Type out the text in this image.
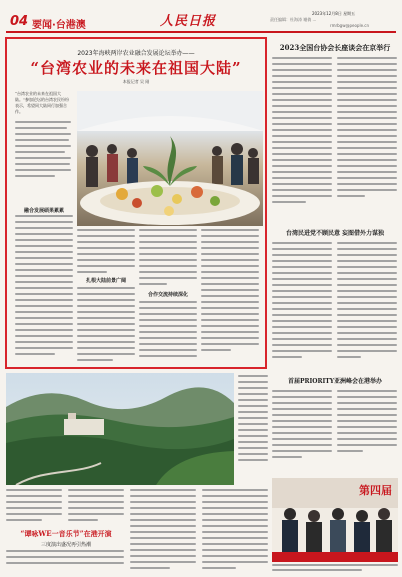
04 要闻·台港澳	人民日报
2023年12月8日 星期五
责任编辑：杜海涛 谢倩 ...
rmrbgw@people.cn
2023年海峡两岸农业融合发展论坛举办——
“台湾农业的未来在祖国大陆”
本报记者 吴 刚
“台湾农业的未来在祖国大陆。”参加论坛的台湾农民纷纷表示，希望同大陆同行加强合作。
融合发展硕果累累
扎根大陆前景广阔
合作交流持续深化
2023全国台协会长座谈会在京举行
台湾民进党不顾民意 妄图借外力谋独
首届PRIORITY亚洲峰会在港举办
“谭咏WE一音乐节”在港开演
三度演出盛况再引热潮
第四届
